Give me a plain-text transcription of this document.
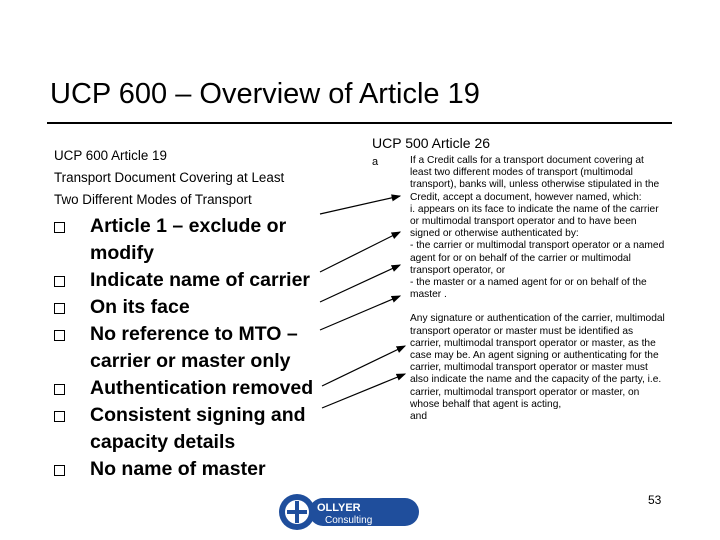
UCP 600 – Overview of Article 19
UCP 600 Article 19
Transport Document Covering at Least
Two Different Modes of Transport
Article 1 – exclude or modify
Indicate name of carrier
On its face
No reference to MTO – carrier or master only
Authentication removed
Consistent signing and capacity details
No name of master
UCP 500 Article 26
a	If a Credit calls for a transport document covering at least two different modes of transport (multimodal transport), banks will, unless otherwise stipulated in the Credit, accept a document, however named, which:
i. appears on its face to indicate the name of the carrier or multimodal transport operator and to have been signed or otherwise authenticated by:
- the carrier or multimodal transport operator or a named agent for or on behalf of the carrier or multimodal transport operator, or
- the master or a named agent for or on behalf of the master .
Any signature or authentication of the carrier, multimodal transport operator or master must be identified as carrier, multimodal transport operator or master, as the case may be. An agent signing or authenticating for the carrier, multimodal transport operator or master must also indicate the name and the capacity of the party, i.e. carrier, multimodal transport operator or master, on whose behalf that agent is acting,
and
OLLYER
Consulting
53
